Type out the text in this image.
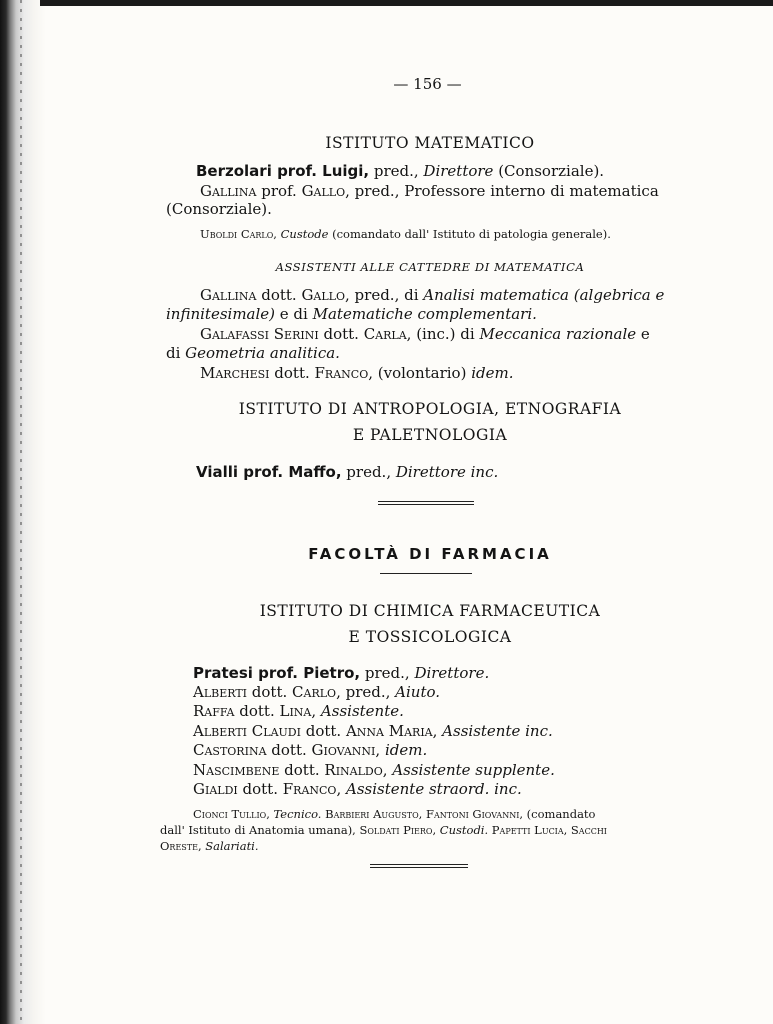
— 156 —
ISTITUTO MATEMATICO
Berzolari prof. Luigi, pred., Direttore (Consorziale).
Gallina prof. Gallo, pred., Professore interno di matematica
(Consorziale).
Uboldi Carlo, Custode (comandato dall' Istituto di patologia generale).
ASSISTENTI ALLE CATTEDRE DI MATEMATICA
Gallina dott. Gallo, pred., di Analisi matematica (algebrica e
infinitesimale) e di Matematiche complementari.
Galafassi Serini dott. Carla, (inc.) di Meccanica razionale e
di Geometria analitica.
Marchesi dott. Franco, (volontario) idem.
ISTITUTO DI ANTROPOLOGIA, ETNOGRAFIA
E PALETNOLOGIA
Vialli prof. Maffo, pred., Direttore inc.
FACOLTÀ DI FARMACIA
ISTITUTO DI CHIMICA FARMACEUTICA
E TOSSICOLOGICA
Pratesi prof. Pietro, pred., Direttore.
Alberti dott. Carlo, pred., Aiuto.
Raffa dott. Lina, Assistente.
Alberti Claudi dott. Anna Maria, Assistente inc.
Castorina dott. Giovanni, idem.
Nascimbene dott. Rinaldo, Assistente supplente.
Gialdi dott. Franco, Assistente straord. inc.
Cionci Tullio, Tecnico. Barbieri Augusto, Fantoni Giovanni, (comandato
dall' Istituto di Anatomia umana), Soldati Piero, Custodi. Papetti Lucia, Sacchi
Oreste, Salariati.
